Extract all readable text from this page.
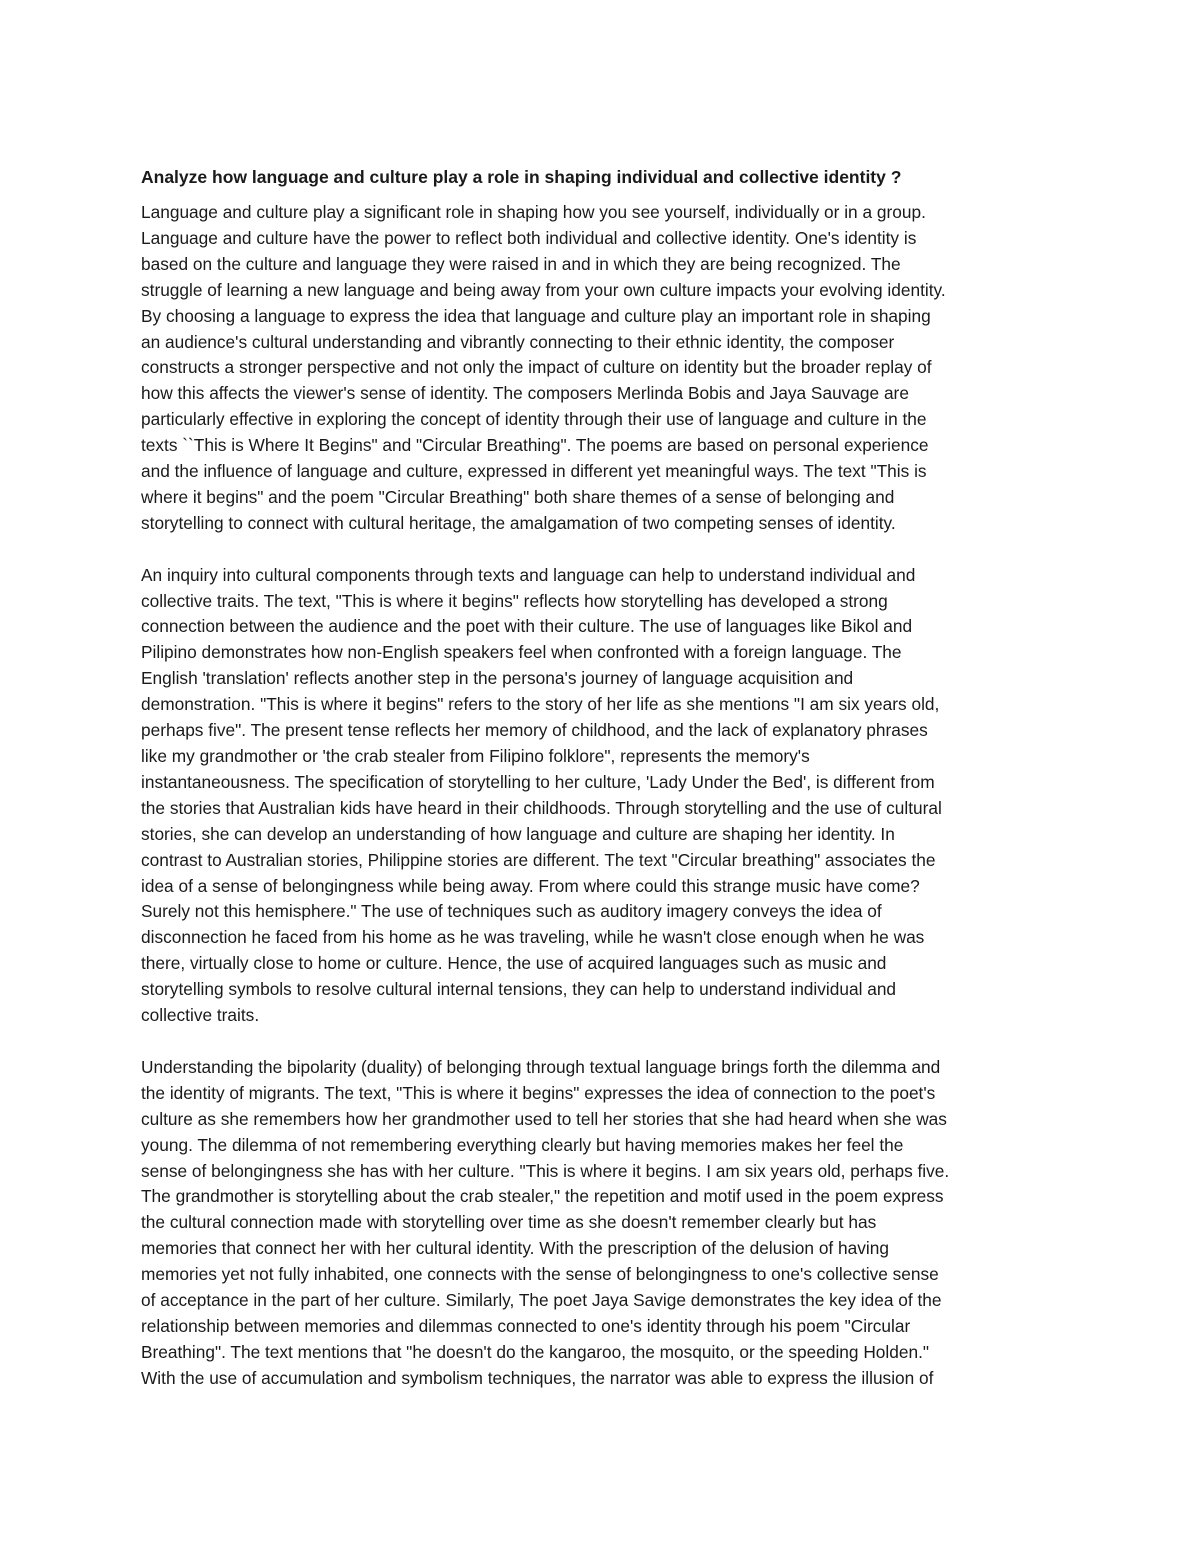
Analyze how language and culture play a role in shaping individual and collective identity ?

Language and culture play a significant role in shaping how you see yourself, individually or in a group.
Language and culture have the power to reflect both individual and collective identity. One's identity is
based on the culture and language they were raised in and in which they are being recognized. The
struggle of learning a new language and being away from your own culture impacts your evolving identity.
By choosing a language to express the idea that language and culture play an important role in shaping
an audience's cultural understanding and vibrantly connecting to their ethnic identity, the composer
constructs a stronger perspective and not only the impact of culture on identity but the broader replay of
how this affects the viewer's sense of identity. The composers Merlinda Bobis and Jaya Sauvage are
particularly effective in exploring the concept of identity through their use of language and culture in the
texts ``This is Where It Begins" and "Circular Breathing". The poems are based on personal experience
and the influence of language and culture, expressed in different yet meaningful ways. The text "This is
where it begins" and the poem "Circular Breathing" both share themes of a sense of belonging and
storytelling to connect with cultural heritage, the amalgamation of two competing senses of identity.

An inquiry into cultural components through texts and language can help to understand individual and
collective traits. The text, "This is where it begins" reflects how storytelling has developed a strong
connection between the audience and the poet with their culture. The use of languages like Bikol and
Pilipino demonstrates how non-English speakers feel when confronted with a foreign language. The
English 'translation' reflects another step in the persona's journey of language acquisition and
demonstration. "This is where it begins" refers to the story of her life as she mentions "I am six years old,
perhaps five". The present tense reflects her memory of childhood, and the lack of explanatory phrases
like my grandmother or 'the crab stealer from Filipino folklore", represents the memory's
instantaneousness. The specification of storytelling to her culture, 'Lady Under the Bed', is different from
the stories that Australian kids have heard in their childhoods. Through storytelling and the use of cultural
stories, she can develop an understanding of how language and culture are shaping her identity. In
contrast to Australian stories, Philippine stories are different. The text "Circular breathing" associates the
idea of a sense of belongingness while being away. From where could this strange music have come?
Surely not this hemisphere." The use of techniques such as auditory imagery conveys the idea of
disconnection he faced from his home as he was traveling, while he wasn't close enough when he was
there, virtually close to home or culture. Hence, the use of acquired languages such as music and
storytelling symbols to resolve cultural internal tensions, they can help to understand individual and
collective traits.

Understanding the bipolarity (duality) of belonging through textual language brings forth the dilemma and
the identity of migrants. The text, "This is where it begins" expresses the idea of connection to the poet's
culture as she remembers how her grandmother used to tell her stories that she had heard when she was
young. The dilemma of not remembering everything clearly but having memories makes her feel the
sense of belongingness she has with her culture. "This is where it begins. I am six years old, perhaps five.
The grandmother is storytelling about the crab stealer," the repetition and motif used in the poem express
the cultural connection made with storytelling over time as she doesn't remember clearly but has
memories that connect her with her cultural identity. With the prescription of the delusion of having
memories yet not fully inhabited, one connects with the sense of belongingness to one's collective sense
of acceptance in the part of her culture. Similarly, The poet Jaya Savige demonstrates the key idea of the
relationship between memories and dilemmas connected to one's identity through his poem "Circular
Breathing". The text mentions that "he doesn't do the kangaroo, the mosquito, or the speeding Holden."
With the use of accumulation and symbolism techniques, the narrator was able to express the illusion of
